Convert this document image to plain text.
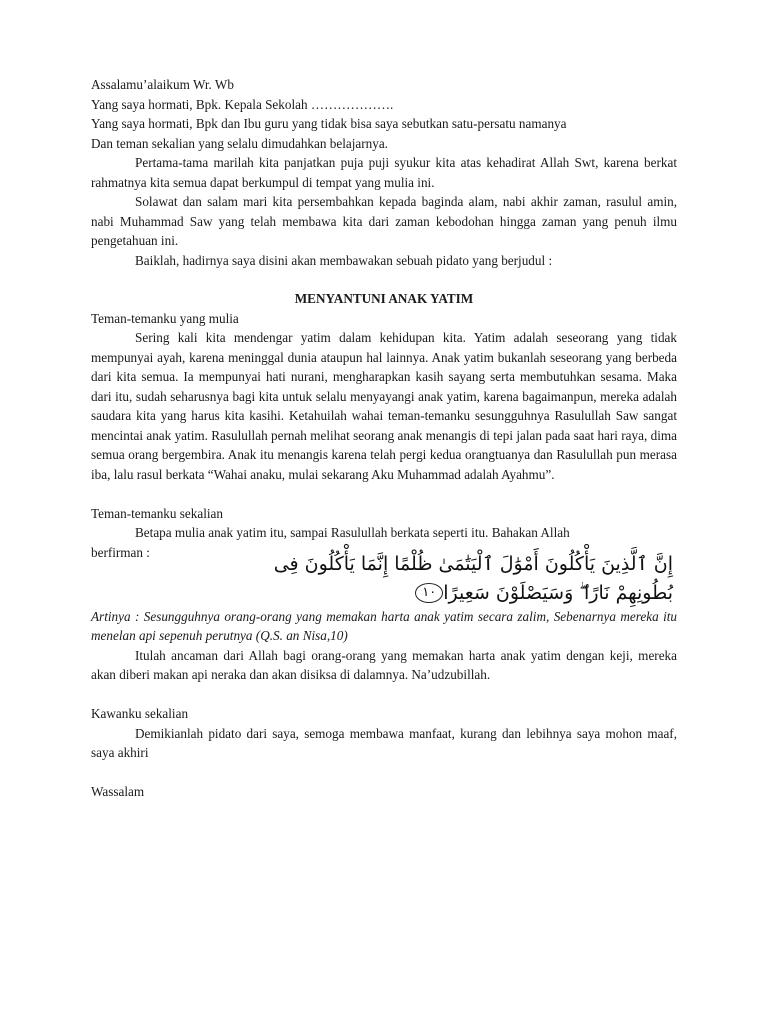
Assalamu’alaikum Wr. Wb

Yang saya hormati, Bpk. Kepala Sekolah ……………….

Yang saya hormati, Bpk dan Ibu guru yang tidak bisa saya sebutkan satu-persatu namanya

Dan teman sekalian yang selalu dimudahkan belajarnya.

Pertama-tama marilah kita panjatkan puja puji syukur kita atas kehadirat Allah Swt, karena berkat rahmatnya kita semua dapat berkumpul di tempat yang mulia ini.

Solawat dan salam mari kita persembahkan kepada baginda alam, nabi akhir zaman, rasulul amin, nabi Muhammad Saw yang telah membawa kita dari zaman kebodohan hingga zaman yang penuh ilmu pengetahuan ini.

Baiklah, hadirnya saya disini akan membawakan sebuah pidato yang berjudul :

MENYANTUNI ANAK YATIM

Teman-temanku yang mulia

Sering kali kita mendengar yatim dalam kehidupan kita. Yatim adalah seseorang yang tidak mempunyai ayah, karena meninggal dunia ataupun hal lainnya. Anak yatim bukanlah seseorang yang berbeda dari kita semua. Ia mempunyai hati nurani, mengharapkan kasih sayang serta membutuhkan sesama. Maka dari itu, sudah seharusnya bagi kita untuk selalu menyayangi anak yatim, karena bagaimanpun, mereka adalah saudara kita yang harus kita kasihi. Ketahuilah wahai teman-temanku sesungguhnya Rasulullah Saw sangat mencintai anak yatim. Rasulullah pernah melihat seorang anak menangis di tepi jalan pada saat hari raya, dima semua orang bergembira. Anak itu menangis karena telah pergi kedua orangtuanya dan Rasulullah pun merasa iba, lalu rasul berkata “Wahai anaku, mulai sekarang Aku Muhammad adalah Ayahmu”.

Teman-temanku sekalian

Betapa mulia anak yatim itu, sampai Rasulullah berkata seperti itu. Bahakan Allah

berfirman :
إِنَّ ٱلَّذِينَ يَأْكُلُونَ أَمْوَٰلَ ٱلْيَتَٰمَىٰ ظُلْمًا إِنَّمَا يَأْكُلُونَ فِى
بُطُونِهِمْ نَارًا ۖ وَسَيَصْلَوْنَ سَعِيرًا١٠

Artinya : Sesungguhnya orang-orang yang memakan harta anak yatim secara zalim, Sebenarnya mereka itu menelan api sepenuh perutnya (Q.S. an Nisa,10)

Itulah ancaman dari Allah bagi orang-orang yang memakan harta anak yatim dengan keji, mereka akan diberi makan api neraka dan akan disiksa di dalamnya. Na’udzubillah.

Kawanku sekalian

Demikianlah pidato dari saya, semoga membawa manfaat, kurang dan lebihnya saya mohon maaf, saya akhiri

Wassalam
